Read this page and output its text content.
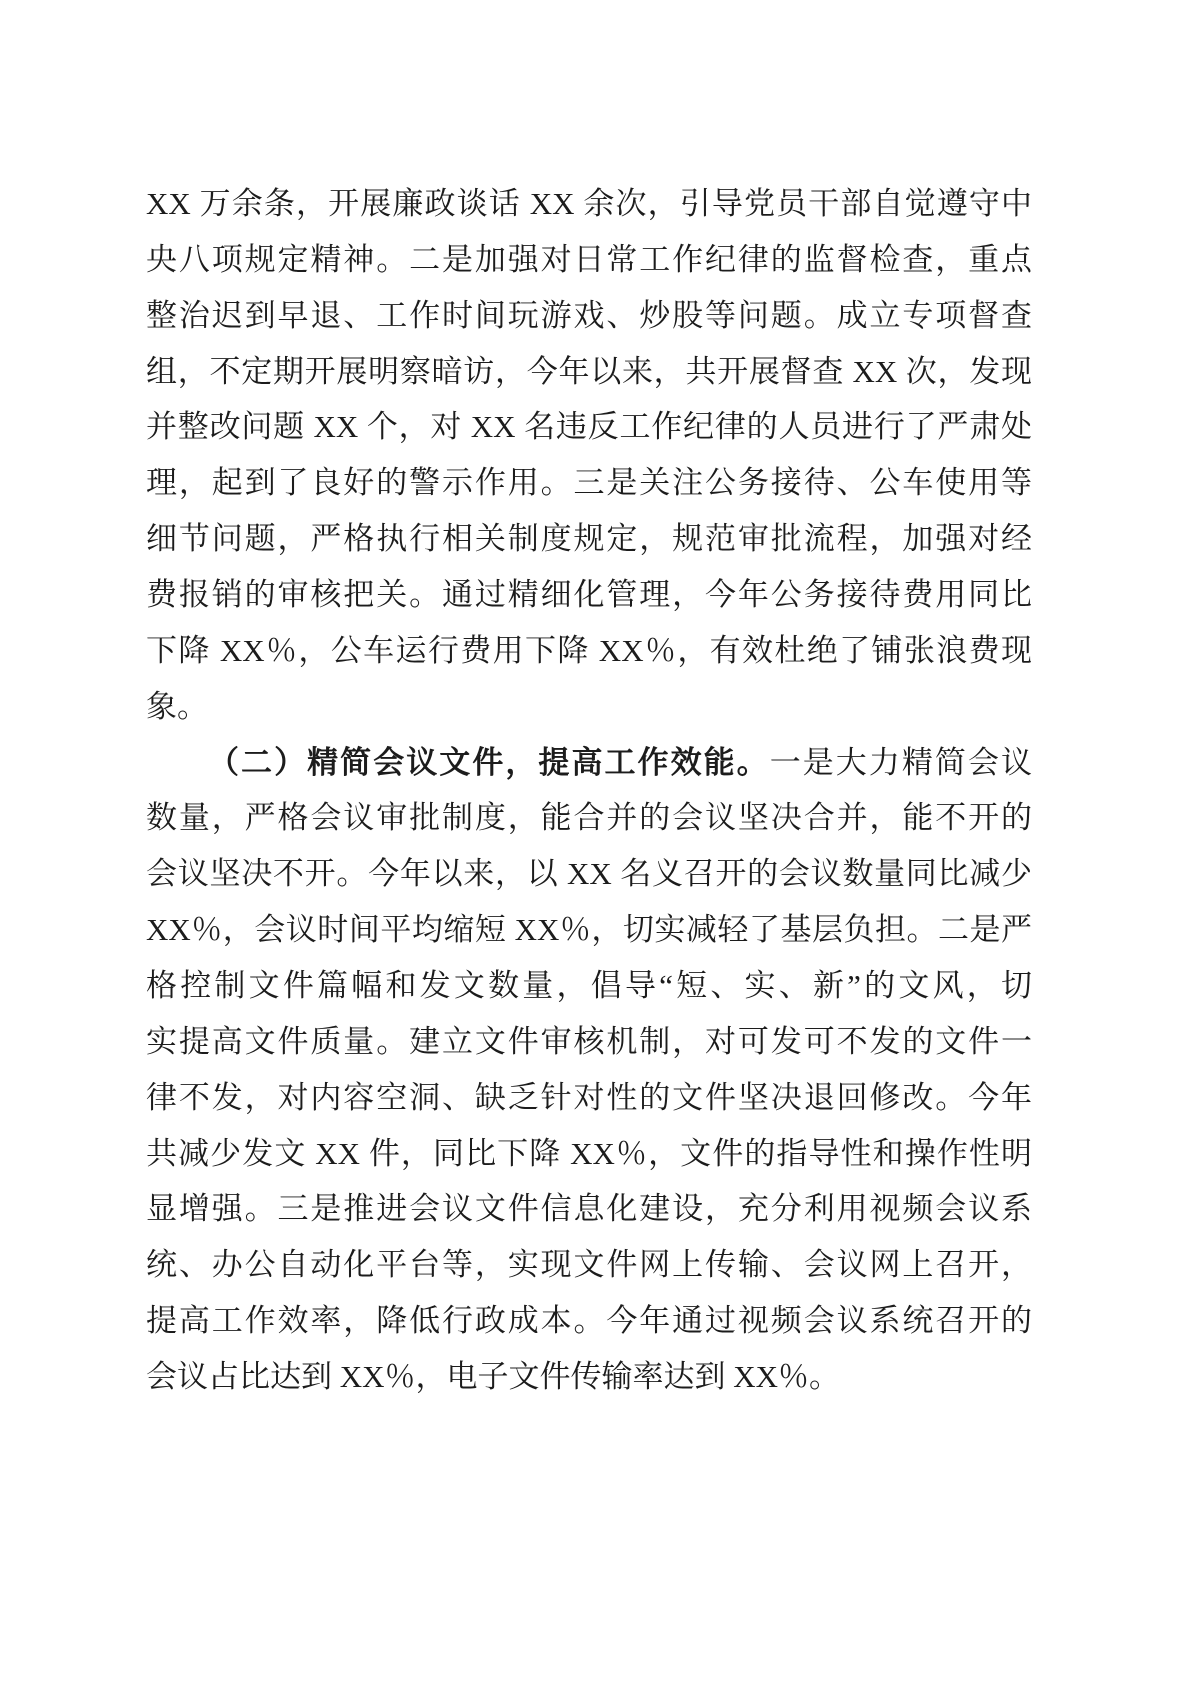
XX 万余条，开展廉政谈话 XX 余次，引导党员干部自觉遵守中
央八项规定精神。二是加强对日常工作纪律的监督检查，重点
整治迟到早退、工作时间玩游戏、炒股等问题。成立专项督查
组，不定期开展明察暗访，今年以来，共开展督查 XX 次，发现
并整改问题 XX 个，对 XX 名违反工作纪律的人员进行了严肃处
理，起到了良好的警示作用。三是关注公务接待、公车使用等
细节问题，严格执行相关制度规定，规范审批流程，加强对经
费报销的审核把关。通过精细化管理，今年公务接待费用同比
下降 XX％，公车运行费用下降 XX％，有效杜绝了铺张浪费现
象。
（二）精简会议文件，提高工作效能。一是大力精简会议
数量，严格会议审批制度，能合并的会议坚决合并，能不开的
会议坚决不开。今年以来，以 XX 名义召开的会议数量同比减少
XX％，会议时间平均缩短 XX％，切实减轻了基层负担。二是严
格控制文件篇幅和发文数量，倡导“短、实、新”的文风，切
实提高文件质量。建立文件审核机制，对可发可不发的文件一
律不发，对内容空洞、缺乏针对性的文件坚决退回修改。今年
共减少发文 XX 件，同比下降 XX％，文件的指导性和操作性明
显增强。三是推进会议文件信息化建设，充分利用视频会议系
统、办公自动化平台等，实现文件网上传输、会议网上召开，
提高工作效率，降低行政成本。今年通过视频会议系统召开的
会议占比达到 XX％，电子文件传输率达到 XX％。
